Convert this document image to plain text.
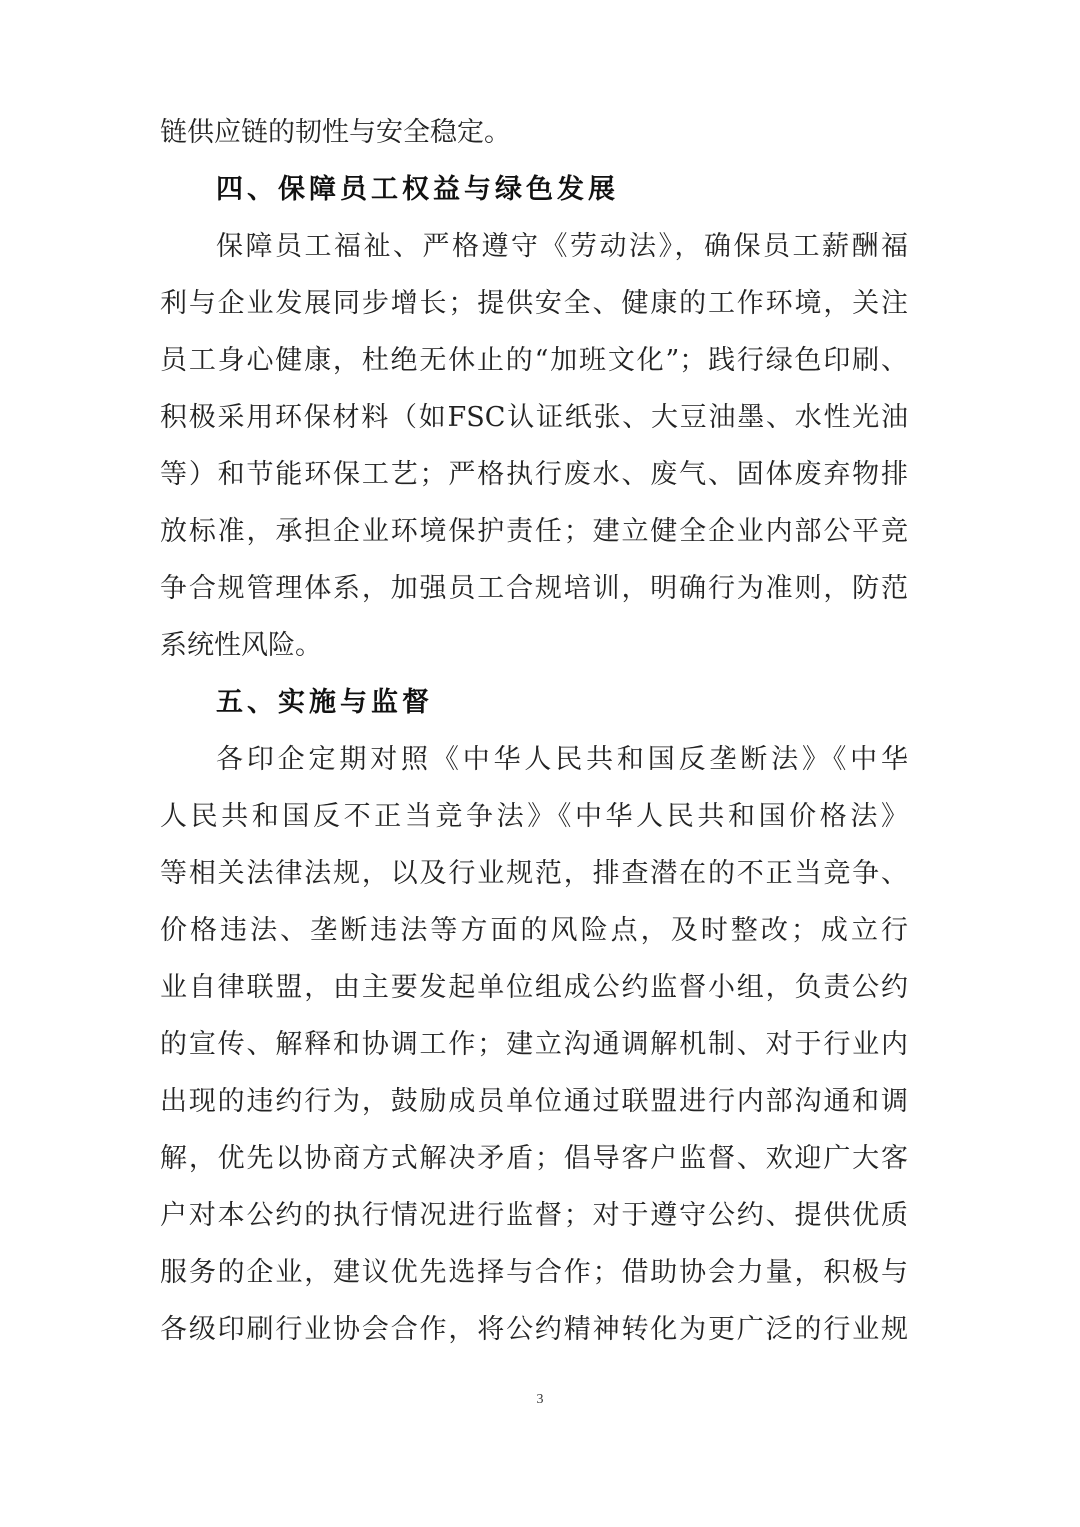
链供应链的韧性与安全稳定。
四、保障员工权益与绿色发展
保障员工福祉、严格遵守《劳动法》，确保员工薪酬福
利与企业发展同步增长；提供安全、健康的工作环境，关注
员工身心健康，杜绝无休止的“加班文化”；践行绿色印刷、
积极采用环保材料（如FSC认证纸张、大豆油墨、水性光油
等）和节能环保工艺；严格执行废水、废气、固体废弃物排
放标准，承担企业环境保护责任；建立健全企业内部公平竞
争合规管理体系，加强员工合规培训，明确行为准则，防范
系统性风险。
五、实施与监督
各印企定期对照《中华人民共和国反垄断法》《中华
人民共和国反不正当竞争法》《中华人民共和国价格法》
等相关法律法规，以及行业规范，排查潜在的不正当竞争、
价格违法、垄断违法等方面的风险点，及时整改；成立行
业自律联盟，由主要发起单位组成公约监督小组，负责公约
的宣传、解释和协调工作；建立沟通调解机制、对于行业内
出现的违约行为，鼓励成员单位通过联盟进行内部沟通和调
解，优先以协商方式解决矛盾；倡导客户监督、欢迎广大客
户对本公约的执行情况进行监督；对于遵守公约、提供优质
服务的企业，建议优先选择与合作；借助协会力量，积极与
各级印刷行业协会合作，将公约精神转化为更广泛的行业规
3
